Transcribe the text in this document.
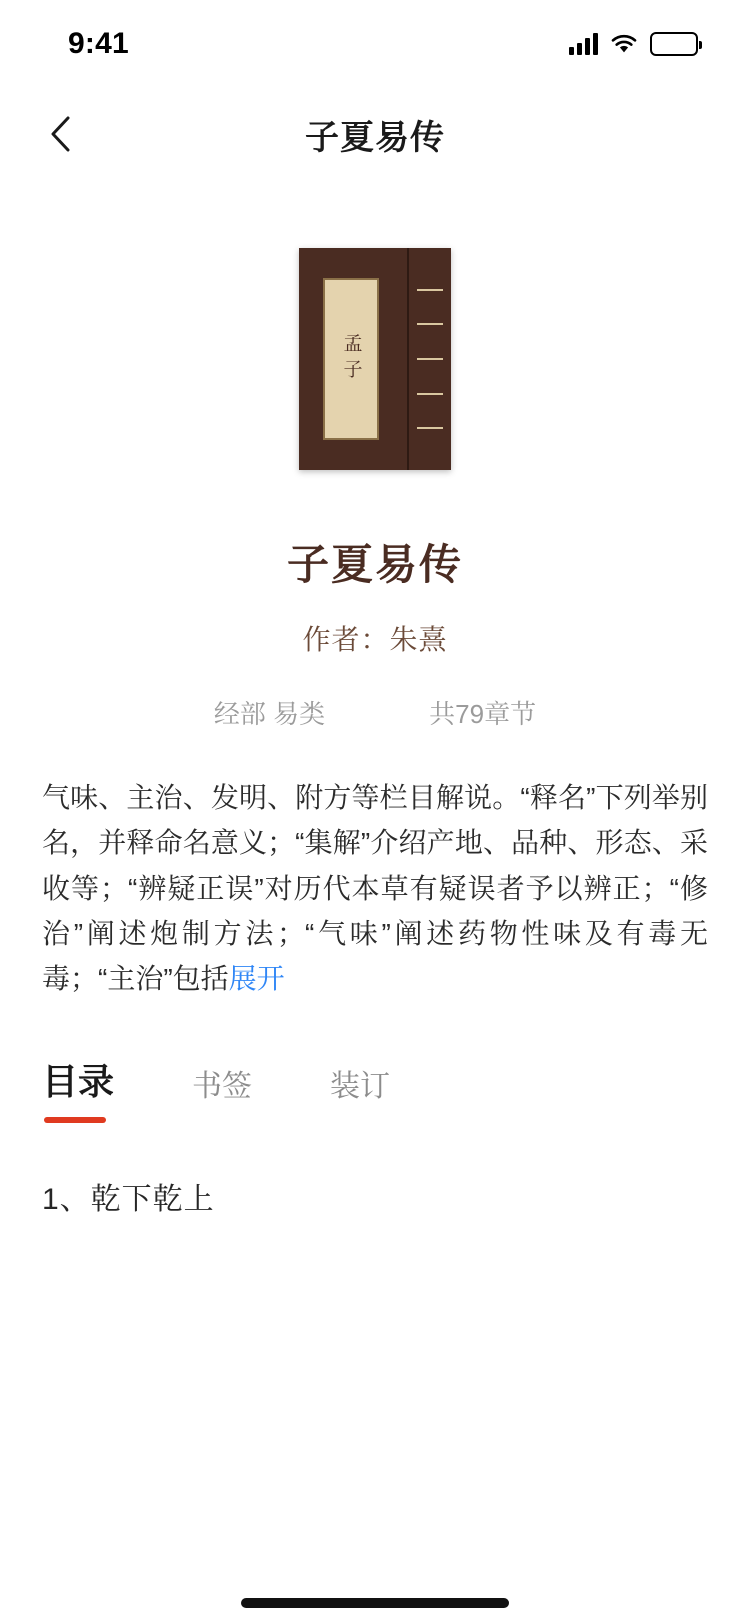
9:41
子夏易传
孟子
子夏易传
作者：朱熹
经部 易类	共79章节
气味、主治、发明、附方等栏目解说。“释名”下列举别名，并释命名意义；“集解”介绍产地、品种、形态、采收等；“辨疑正误”对历代本草有疑误者予以辨正；“修治”阐述炮制方法；“气味”阐述药物性味及有毒无毒；“主治”包括展开
目录	书签	装订
1、乾下乾上
